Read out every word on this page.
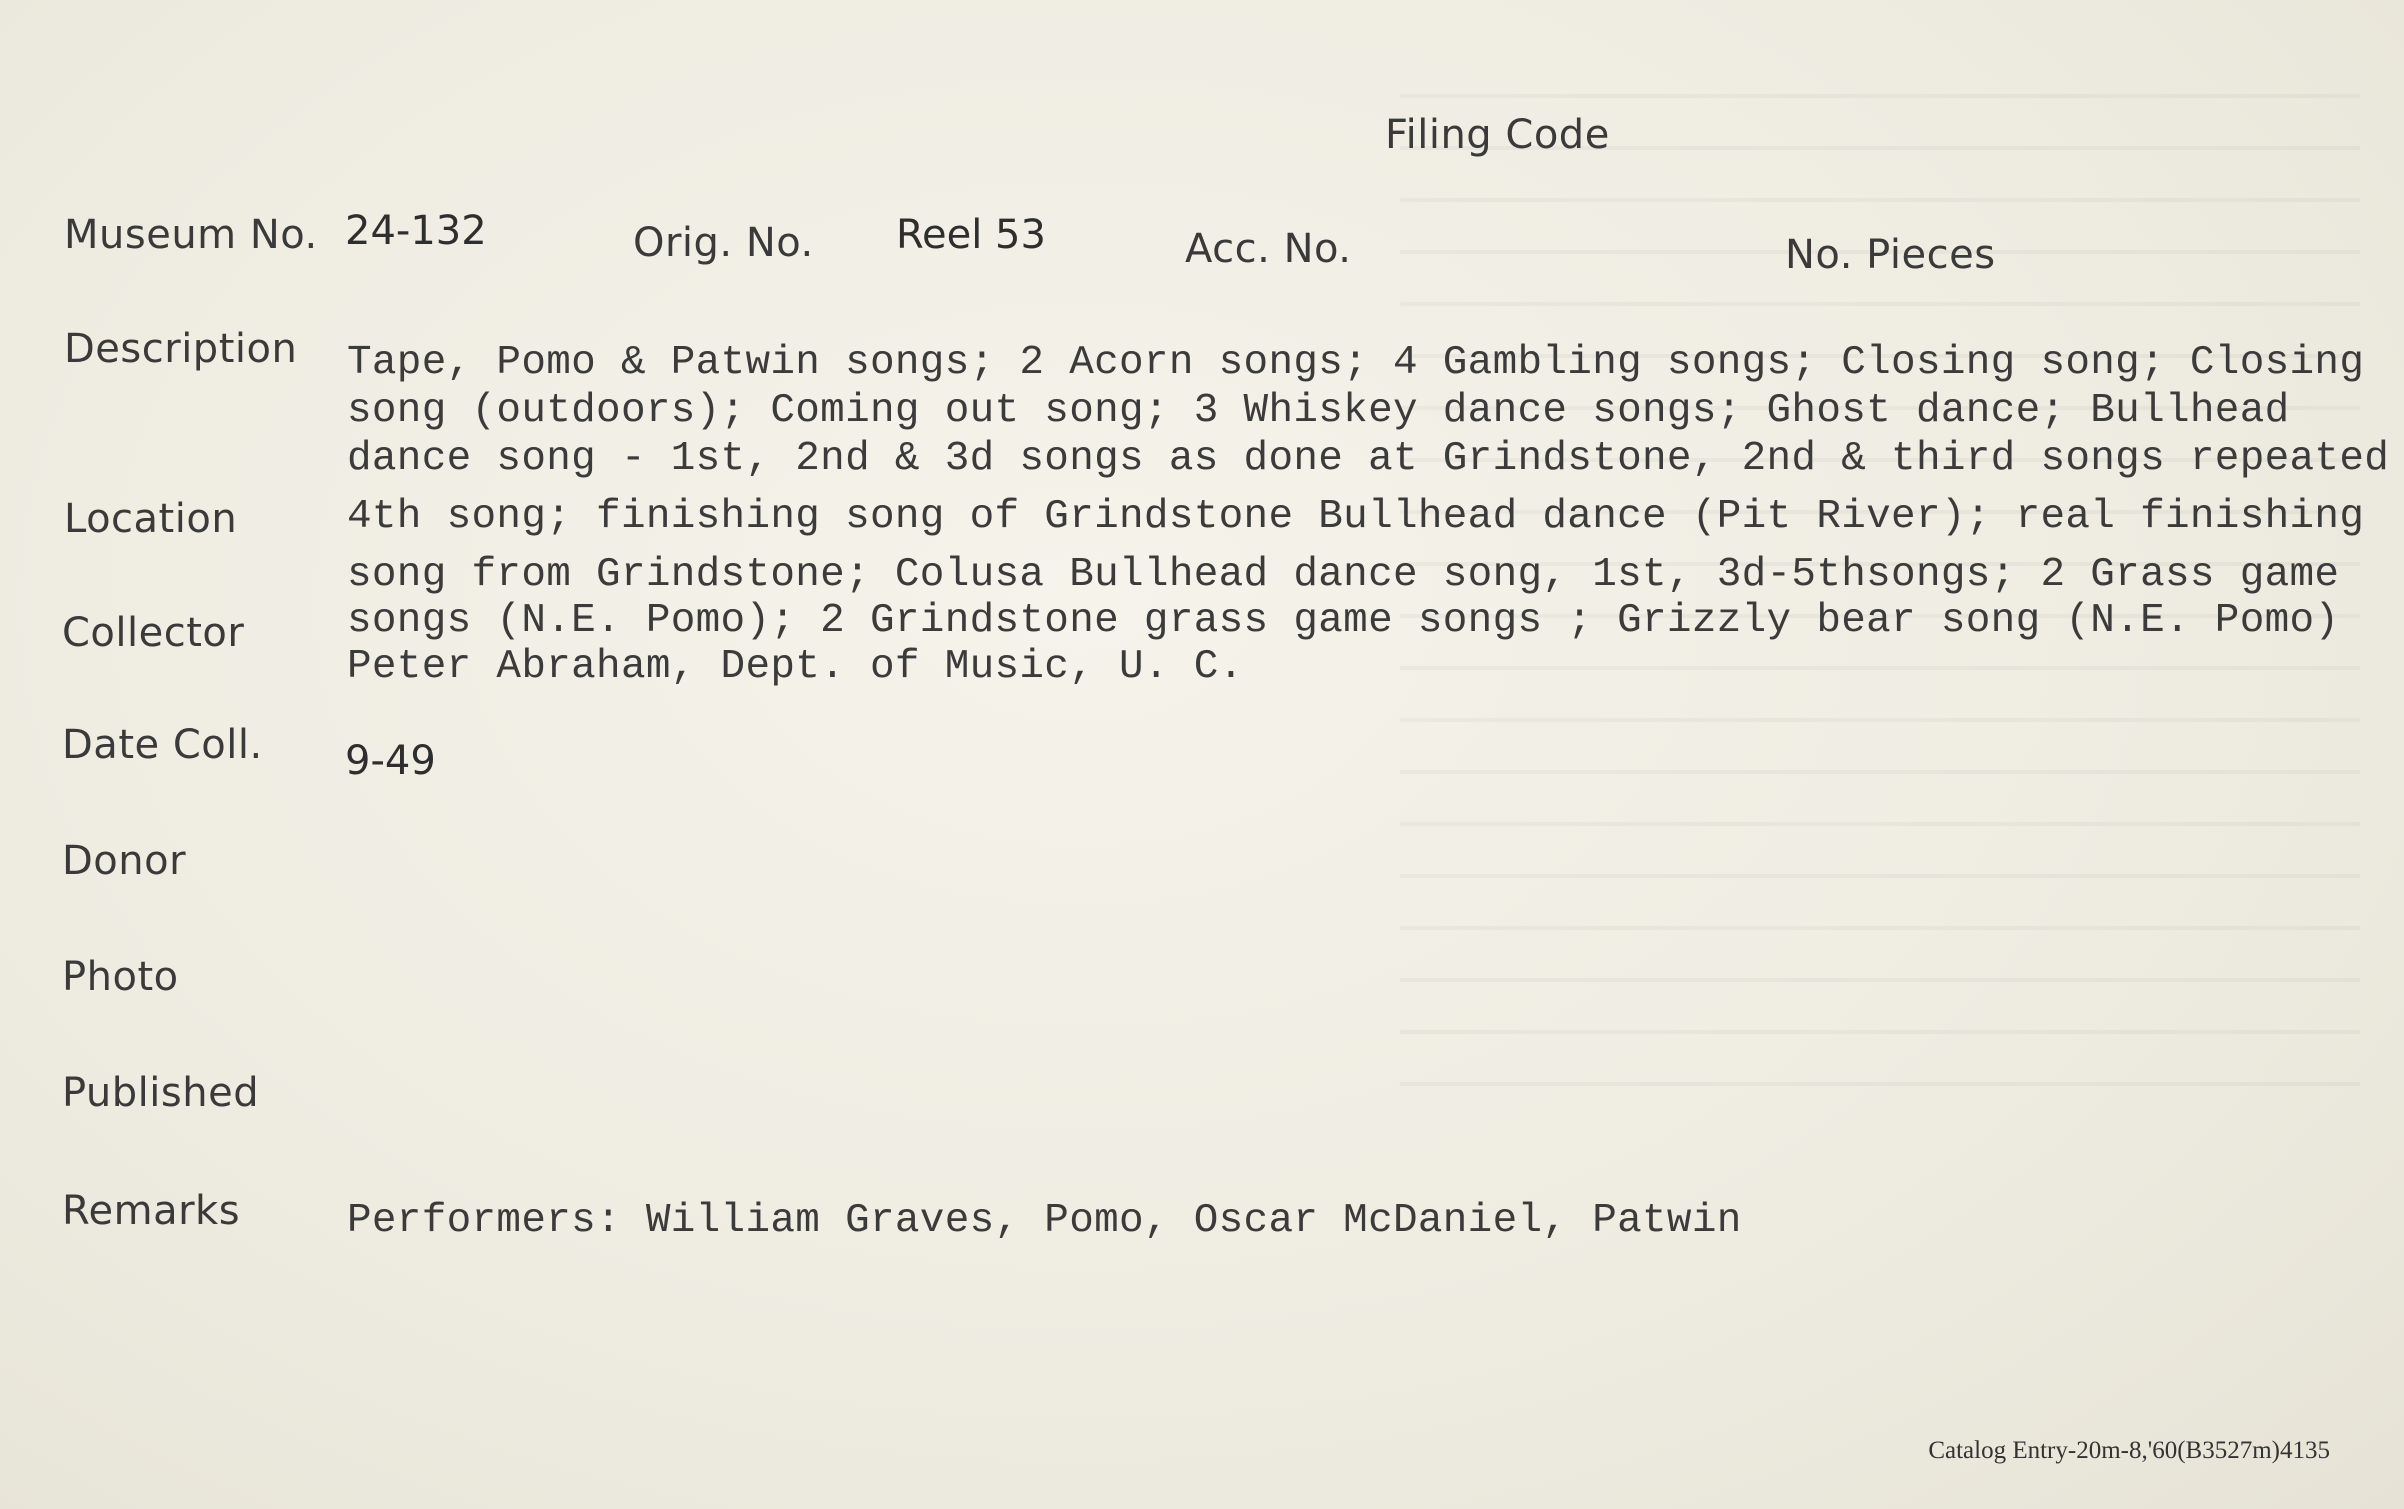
Filing Code
Museum No. 24-132	Orig. No. Reel 53	Acc. No.	No. Pieces
Description Tape, Pomo & Patwin songs; 2 Acorn songs; 4 Gambling songs; Closing song; Closing
song (outdoors); Coming out song; 3 Whiskey dance songs; Ghost dance; Bullhead
dance song - 1st, 2nd & 3d songs as done at Grindstone, 2nd & third songs repeated
4th song; finishing song of Grindstone Bullhead dance (Pit River); real finishing
song from Grindstone; Colusa Bullhead dance song, 1st, 3d-5thsongs; 2 Grass game
songs (N.E. Pomo); 2 Grindstone grass game songs ; Grizzly bear song (N.E. Pomo)
Location
Collector
Peter Abraham, Dept. of Music, U. C.
Date Coll. 9-49
Donor
Photo
Published
Remarks	Performers: William Graves, Pomo, Oscar McDaniel, Patwin
Catalog Entry-20m-8,'60(B3527m)4135
